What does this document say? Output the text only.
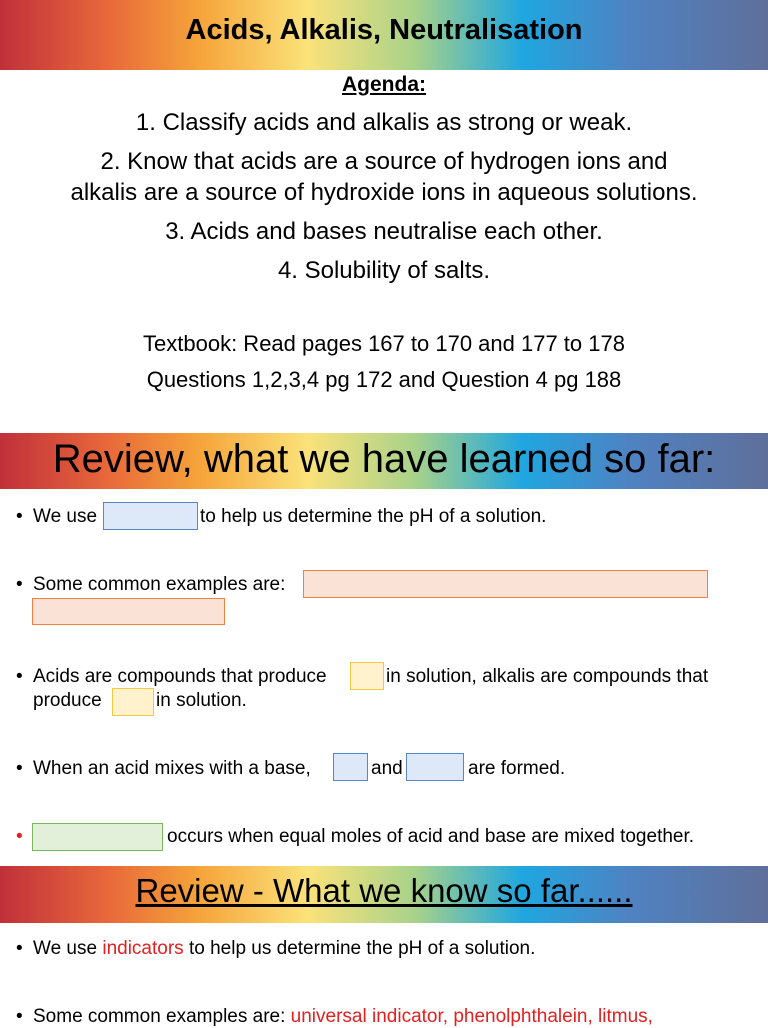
Acids, Alkalis, Neutralisation
Agenda:
1. Classify acids and alkalis as strong or weak.
2. Know that acids are a source of hydrogen ions and
alkalis are a source of hydroxide ions in aqueous solutions.
3. Acids and bases neutralise each other.
4. Solubility of salts.
Textbook: Read pages 167 to 170 and 177 to 178
Questions 1,2,3,4 pg 172 and Question 4 pg 188
Review, what we have learned so far:
• We use	to help us determine the pH of a solution.
• Some common examples are:
• Acids are compounds that produce	in solution, alkalis are compounds that
produce	in solution.
• When an acid mixes with a base,	and	are formed.
•	occurs when equal moles of acid and base are mixed together.
Review - What we know so far......
• We use indicators to help us determine the pH of a solution.
• Some common examples are: universal indicator, phenolphthalein, litmus,
